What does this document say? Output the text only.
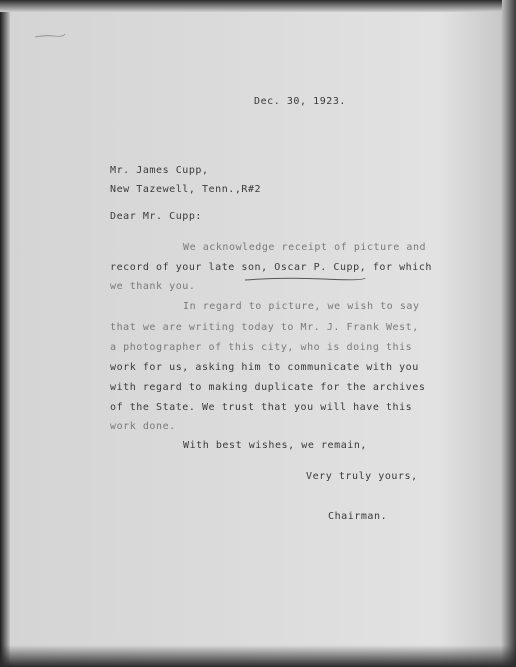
Dec. 30, 1923.

Mr. James Cupp,

New Tazewell, Tenn.,R#2

Dear Mr. Cupp:

We acknowledge receipt of picture and

record of your late son, Oscar P. Cupp, for which

we thank you.

In regard to picture, we wish to say

that we are writing today to Mr. J. Frank West,

a photographer of this city, who is doing this

work for us, asking him to communicate with you

with regard to making duplicate for the archives

of the State. We trust that you will have this

work done.

With best wishes, we remain,

Very truly yours,

Chairman.
